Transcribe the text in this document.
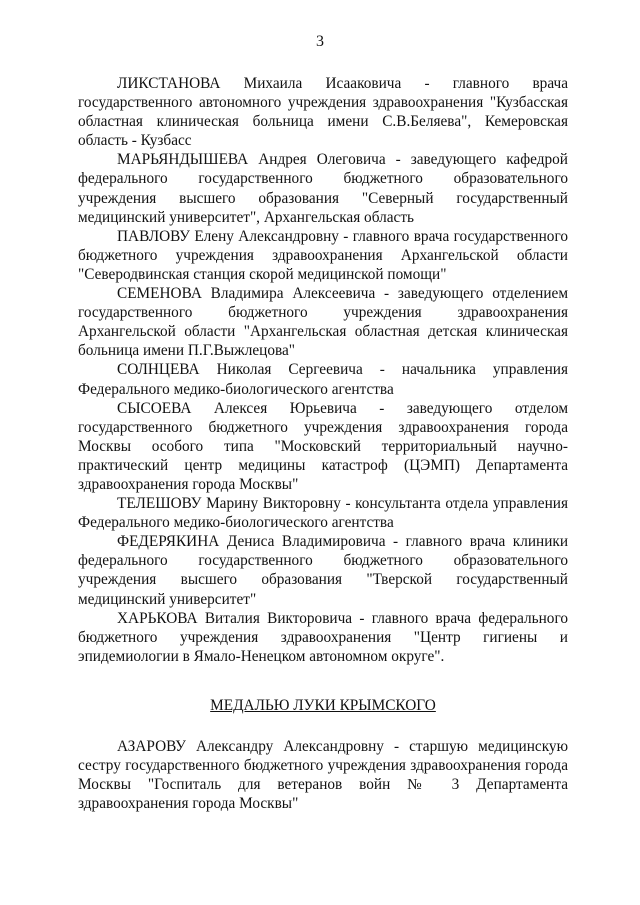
3

ЛИКСТАНОВА Михаила Исааковича - главного врача государственного автономного учреждения здравоохранения "Кузбасская областная клиническая больница имени С.В.Беляева", Кемеровская область - Кузбасс

МАРЬЯНДЫШЕВА Андрея Олеговича - заведующего кафедрой федерального государственного бюджетного образовательного учреждения высшего образования "Северный государственный медицинский университет", Архангельская область

ПАВЛОВУ Елену Александровну - главного врача государственного бюджетного учреждения здравоохранения Архангельской области "Северодвинская станция скорой медицинской помощи"

СЕМЕНОВА Владимира Алексеевича - заведующего отделением государственного бюджетного учреждения здравоохранения Архангельской области "Архангельская областная детская клиническая больница имени П.Г.Выжлецова"

СОЛНЦЕВА Николая Сергеевича - начальника управления Федерального медико-биологического агентства

СЫСОЕВА Алексея Юрьевича - заведующего отделом государственного бюджетного учреждения здравоохранения города Москвы особого типа "Московский территориальный научно-практический центр медицины катастроф (ЦЭМП) Департамента здравоохранения города Москвы"

ТЕЛЕШОВУ Марину Викторовну - консультанта отдела управления Федерального медико-биологического агентства

ФЕДЕРЯКИНА Дениса Владимировича - главного врача клиники федерального государственного бюджетного образовательного учреждения высшего образования "Тверской государственный медицинский университет"

ХАРЬКОВА Виталия Викторовича - главного врача федерального бюджетного учреждения здравоохранения "Центр гигиены и эпидемиологии в Ямало-Ненецком автономном округе".

МЕДАЛЬЮ ЛУКИ КРЫМСКОГО

АЗАРОВУ Александру Александровну - старшую медицинскую сестру государственного бюджетного учреждения здравоохранения города Москвы "Госпиталь для ветеранов войн № 3 Департамента здравоохранения города Москвы"
